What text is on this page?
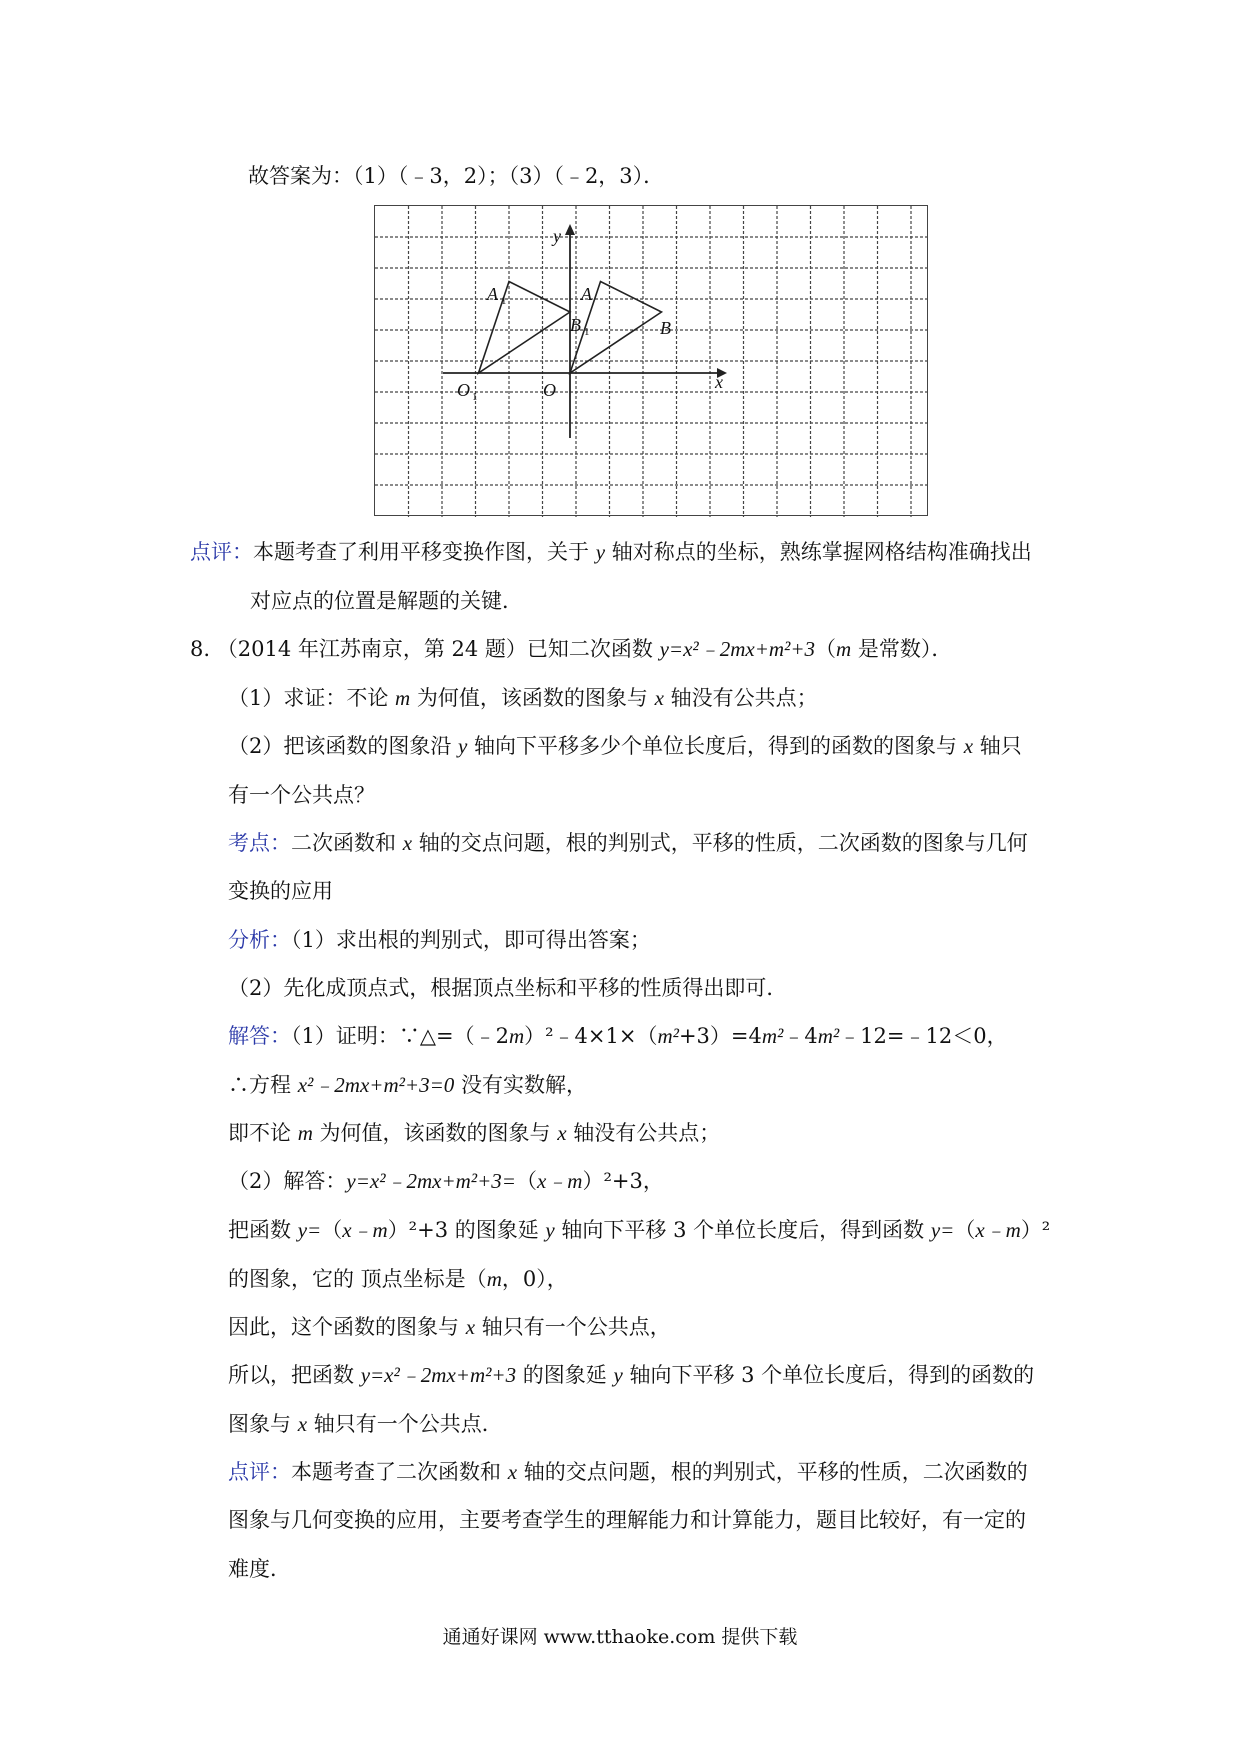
故答案为：（1）（﹣3，2）；（3）（﹣2，3）．
y
x
A 1	A
B 1	B
O 1	O
点评：本题考查了利用平移变换作图，关于 y 轴对称点的坐标，熟练掌握网格结构准确找出
对应点的位置是解题的关键．
8. （2014 年江苏南京，第 24 题）已知二次函数 y=x²﹣2mx+m²+3（m 是常数）．
（1）求证：不论 m 为何值，该函数的图象与 x 轴没有公共点；
（2）把该函数的图象沿 y 轴向下平移多少个单位长度后，得到的函数的图象与 x 轴只
有一个公共点？
考点：二次函数和 x 轴的交点问题，根的判别式，平移的性质，二次函数的图象与几何
变换的应用
分析：（1）求出根的判别式，即可得出答案；
（2）先化成顶点式，根据顶点坐标和平移的性质得出即可．
解答：（1）证明：∵△=（﹣2m）²﹣4×1×（m²+3）=4m²﹣4m²﹣12=﹣12＜0，
∴方程 x²﹣2mx+m²+3=0 没有实数解，
即不论 m 为何值，该函数的图象与 x 轴没有公共点；
（2）解答：y=x²﹣2mx+m²+3=（x﹣m）²+3，
把函数 y=（x﹣m）²+3 的图象延 y 轴向下平移 3 个单位长度后，得到函数 y=（x﹣m）²
的图象，它的 顶点坐标是（m，0），
因此，这个函数的图象与 x 轴只有一个公共点，
所以，把函数 y=x²﹣2mx+m²+3 的图象延 y 轴向下平移 3 个单位长度后，得到的函数的
图象与 x 轴只有一个公共点．
点评：本题考查了二次函数和 x 轴的交点问题，根的判别式，平移的性质，二次函数的
图象与几何变换的应用，主要考查学生的理解能力和计算能力，题目比较好，有一定的
难度．
通通好课网 www.tthaoke.com 提供下载
